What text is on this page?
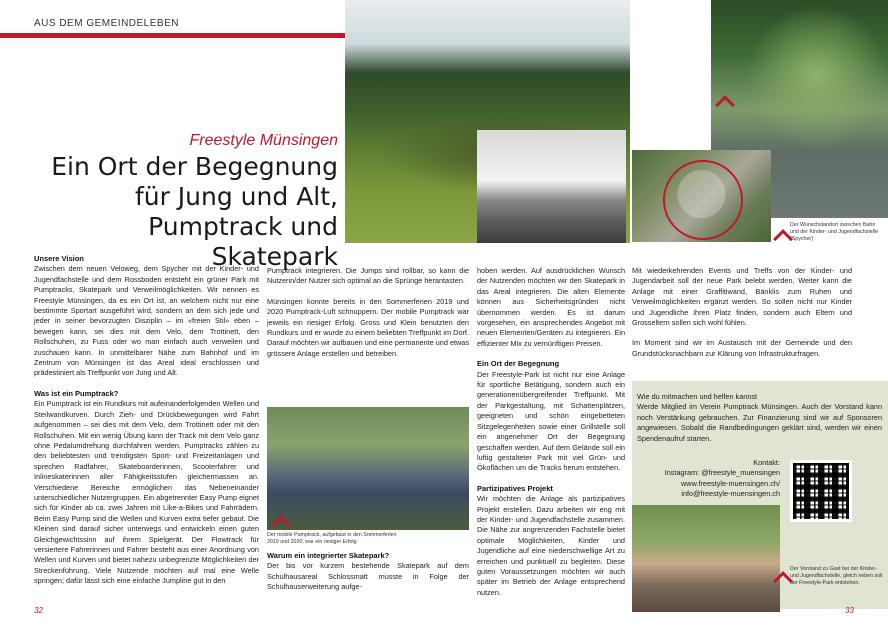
AUS DEM GEMEINDELEBEN
Der Wunschstandort zwischen Bahn und der Kinder- und Jugendfachstelle (Spycher)
Freestyle Münsingen
Ein Ort der Begegnung für Jung und Alt, Pumptrack und Skatepark
Unsere Vision

Zwischen dem neuen Veloweg, dem Spycher mit der Kinder- und Jugendfachstelle und dem Rossboden entsteht ein grüner Park mit Pumptracks, Skatepark und Verweilmöglichkeiten. Wir nennen es Freestyle Münsingen, da es ein Ort ist, an welchem nicht nur eine bestimmte Sportart ausgeführt wird, sondern an dem sich jede und jeder in seiner bevorzugten Disziplin – im «freien Stil» eben – bewegen kann, sei dies mit dem Velo, dem Trottinett, den Rollschuhen, zu Fuss oder wo man einfach auch verweilen und zuschauen kann. In unmittelbarer Nähe zum Bahnhof und im Zentrum von Münsingen ist das Areal ideal erschlossen und prädestiniert als Treffpunkt von Jung und Alt.

Was ist ein Pumptrack?

Ein Pumptrack ist ein Rundkurs mit aufeinanderfolgenden Wellen und Steilwandkurven. Durch Zieh- und Drückbewegungen wird Fahrt aufgenommen – sei dies mit dem Velo, dem Trottinett oder mit den Rollschuhen. Mit ein wenig Übung kann der Track mit dem Velo ganz ohne Pedalumdrehung durchfahren werden. Pumptracks zählen zu den beliebtesten und trendigsten Sport- und Freizeitanlagen und sprechen Radfahrer, Skateboarderinnen, Scooterfahrer und Inlineskaterinnen aller Fähigkeitsstufen gleichermassen an. Verschiedene Bereiche ermöglichen das Nebeneinander unterschiedlicher Nutzergruppen. Ein abgetrennter Easy Pump eignet sich für Kinder ab ca. zwei Jahren mit Like-a-Bikes und Fahrrädern. Beim Easy Pump sind die Wellen und Kurven extra tiefer gebaut. Die Kleinen sind darauf sicher unterwegs und entwickeln einen guten Gleichgewichtssinn auf ihrem Spielgerät. Der Flowtrack für versiertere Fahrerinnen und Fahrer besteht aus einer Anordnung von Wellen und Kurven und bietet nahezu unbegrenzte Möglichkeiten der Streckenführung. Viele Nutzende möchten auf mal eine Welle springen; dafür lässt sich eine einfache Jumpline gut in den

Pumptrack integrieren. Die Jumps sind rollbar, so kann die Nutzerin/der Nutzer sich optimal an die Sprünge herantasten.

Münsingen konnte bereits in den Sommerferien 2019 und 2020 Pumptrack-Luft schnuppern. Der mobile Pumptrack war jeweils ein riesiger Erfolg. Gross und Klein benutzten den Rundkurs und er wurde zu einem beliebten Treffpunkt im Dorf. Darauf möchten wir aufbauen und eine permanente und etwas grössere Anlage erstellen und betreiben.

Der mobile Pumptrack, aufgebaut in den Sommerferien 2019 und 2020, war ein riesiger Erfolg.
Warum ein integrierter Skatepark?

Der bis vor kurzem bestehende Skatepark auf dem Schulhausareal Schlossmatt musste in Folge der Schulhauserweiterung aufge-

hoben werden. Auf ausdrücklichen Wunsch der Nutzenden möchten wir den Skatepark in das Areal integrieren. Die alten Elemente können aus Sicherheitsgründen nicht übernommen werden. Es ist darum vorgesehen, ein ansprechendes Angebot mit neuen Elementen/Geräten zu integrieren. Ein effizienter Mix zu vernünftigen Preisen.

Ein Ort der Begegnung

Der Freestyle-Park ist nicht nur eine Anlage für sportliche Betätigung, sondern auch ein generationenübergreifender Treffpunkt. Mit der Parkgestaltung, mit Schattenplätzen, geeigneten und schön eingebetteten Sitzgelegenheiten sowie einer Grillstelle soll ein angenehmer Ort der Begegnung geschaffen werden. Auf dem Gelände soll ein luftig gestalteter Park mit viel Grün- und Ökoflächen um die Tracks herum entstehen.

Partizipatives Projekt

Wir möchten die Anlage als partizipatives Projekt erstellen. Dazu arbeiten wir eng mit der Kinder- und Jugendfachstelle zusammen. Die Nähe zur angrenzenden Fachstelle bietet optimale Möglichkeiten, Kinder und Jugendliche auf eine niederschwellige Art zu erreichen und punktuell zu begleiten. Diese guten Voraussetzungen möchten wir auch später im Betrieb der Anlage entsprechend nutzen.

Mit wiederkehrenden Events und Treffs von der Kinder- und Jugendarbeit soll der neue Park belebt werden. Weiter kann die Anlage mit einer Graffitiwand, Bänklis zum Ruhen und Verweilmöglichkeiten ergänzt werden. So sollen nicht nur Kinder und Jugendliche ihren Platz finden, sondern auch Eltern und Grosseltern sollen sich wohl fühlen.

Im Moment sind wir im Austausch mit der Gemeinde und den Grundstücksnachbarn zur Klärung von Infrastrukturfragen.

Wie du mitmachen und helfen kannst

Werde Mitglied im Verein Pumptrack Münsingen. Auch der Vorstand kann noch Verstärkung gebrauchen. Zur Finanzierung sind wir auf Sponsoren angewiesen. Sobald die Randbedingungen geklärt sind, werden wir einen Spendenaufruf starten.

Kontakt:
Instagram: @freestyle_muensingen
www.freestyle-muensingen.ch/
info@freestyle-muensingen.ch
Der Vorstand zu Gast bei der Kinder- und Jugendfachstelle, gleich neben soll der Freestyle-Park entstehen.
32	33
